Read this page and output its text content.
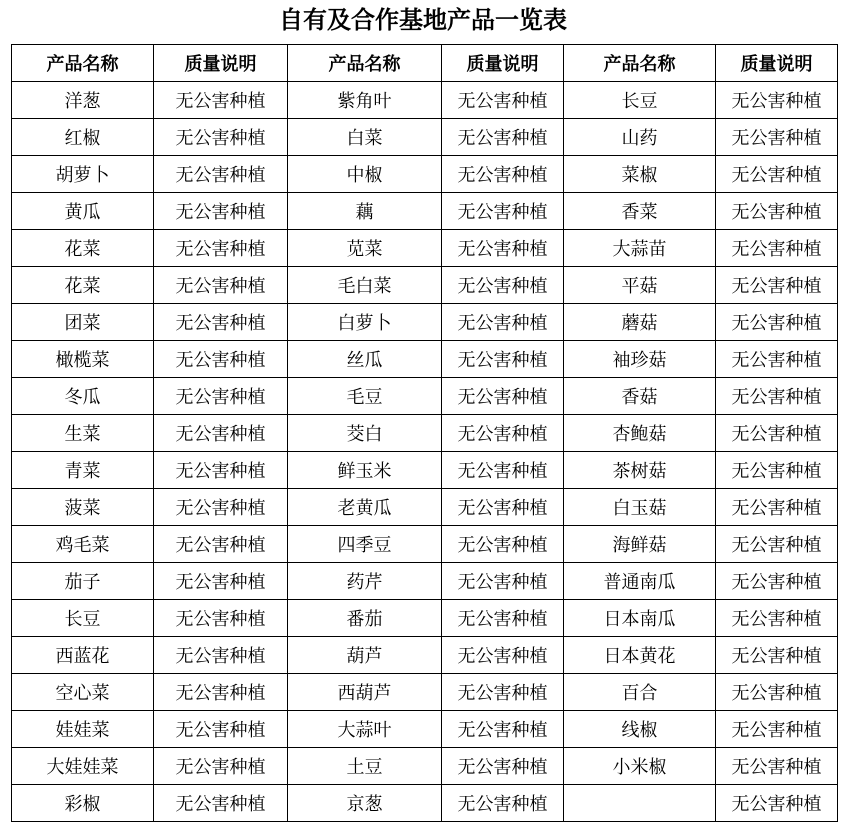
自有及合作基地产品一览表
产品名称	质量说明	产品名称	质量说明	产品名称	质量说明
洋葱	无公害种植	紫角叶	无公害种植	长豆	无公害种植
红椒	无公害种植	白菜	无公害种植	山药	无公害种植
胡萝卜	无公害种植	中椒	无公害种植	菜椒	无公害种植
黄瓜	无公害种植	藕	无公害种植	香菜	无公害种植
花菜	无公害种植	苋菜	无公害种植	大蒜苗	无公害种植
花菜	无公害种植	毛白菜	无公害种植	平菇	无公害种植
团菜	无公害种植	白萝卜	无公害种植	蘑菇	无公害种植
橄榄菜	无公害种植	丝瓜	无公害种植	袖珍菇	无公害种植
冬瓜	无公害种植	毛豆	无公害种植	香菇	无公害种植
生菜	无公害种植	茭白	无公害种植	杏鲍菇	无公害种植
青菜	无公害种植	鲜玉米	无公害种植	茶树菇	无公害种植
菠菜	无公害种植	老黄瓜	无公害种植	白玉菇	无公害种植
鸡毛菜	无公害种植	四季豆	无公害种植	海鲜菇	无公害种植
茄子	无公害种植	药芹	无公害种植	普通南瓜	无公害种植
长豆	无公害种植	番茄	无公害种植	日本南瓜	无公害种植
西蓝花	无公害种植	葫芦	无公害种植	日本黄花	无公害种植
空心菜	无公害种植	西葫芦	无公害种植	百合	无公害种植
娃娃菜	无公害种植	大蒜叶	无公害种植	线椒	无公害种植
大娃娃菜	无公害种植	土豆	无公害种植	小米椒	无公害种植
彩椒	无公害种植	京葱	无公害种植		无公害种植
